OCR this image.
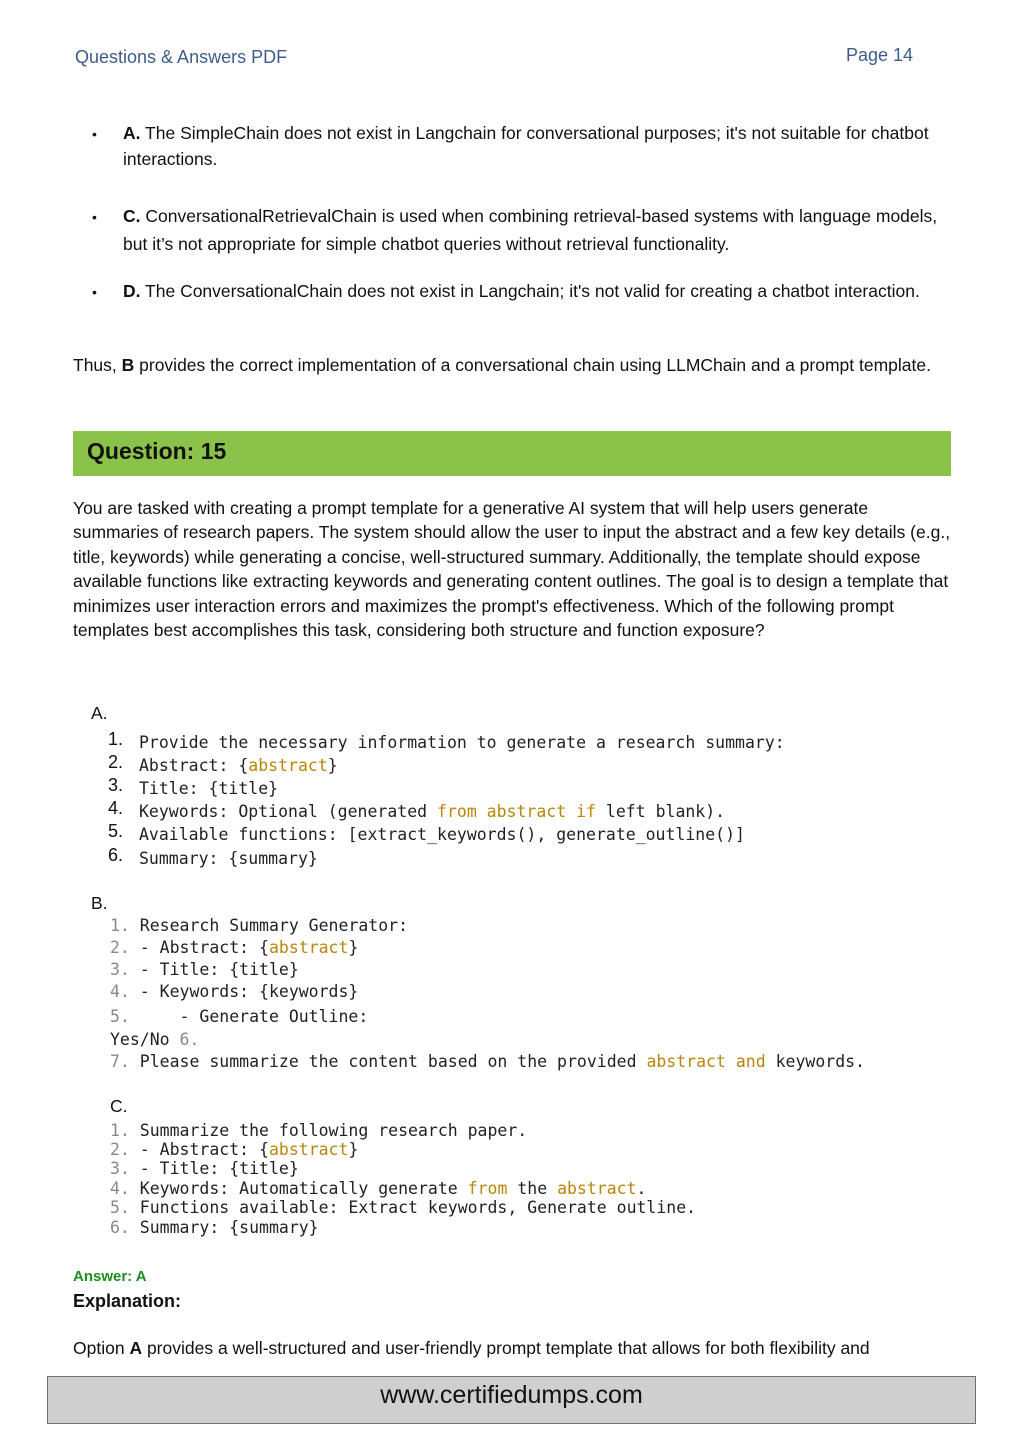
Questions & Answers PDF	Page 14
• A. The SimpleChain does not exist in Langchain for conversational purposes; it's not suitable for chatbot interactions.
• C. ConversationalRetrievalChain is used when combining retrieval-based systems with language models, but it’s not appropriate for simple chatbot queries without retrieval functionality.
• D. The ConversationalChain does not exist in Langchain; it's not valid for creating a chatbot interaction.
Thus, B provides the correct implementation of a conversational chain using LLMChain and a prompt template.
Question: 15
You are tasked with creating a prompt template for a generative AI system that will help users generate summaries of research papers. The system should allow the user to input the abstract and a few key details (e.g., title, keywords) while generating a concise, well-structured summary. Additionally, the template should expose available functions like extracting keywords and generating content outlines. The goal is to design a template that minimizes user interaction errors and maximizes the prompt's effectiveness. Which of the following prompt templates best accomplishes this task, considering both structure and function exposure?
A.
1. Provide the necessary information to generate a research summary:
2. Abstract: {abstract}
3. Title: {title}
4. Keywords: Optional (generated from abstract if left blank).
5. Available functions: [extract_keywords(), generate_outline()]
6. Summary: {summary}
B.
1. Research Summary Generator:
2. - Abstract: {abstract}
3. - Title: {title}
4. - Keywords: {keywords}
5.     - Generate Outline:
Yes/No 6.
7. Please summarize the content based on the provided abstract and keywords.
C.
1. Summarize the following research paper.
2. - Abstract: {abstract}
3. - Title: {title}
4. Keywords: Automatically generate from the abstract.
5. Functions available: Extract keywords, Generate outline.
6. Summary: {summary}
Answer: A
Explanation:
Option A provides a well-structured and user-friendly prompt template that allows for both flexibility and
www.certifiedumps.com
